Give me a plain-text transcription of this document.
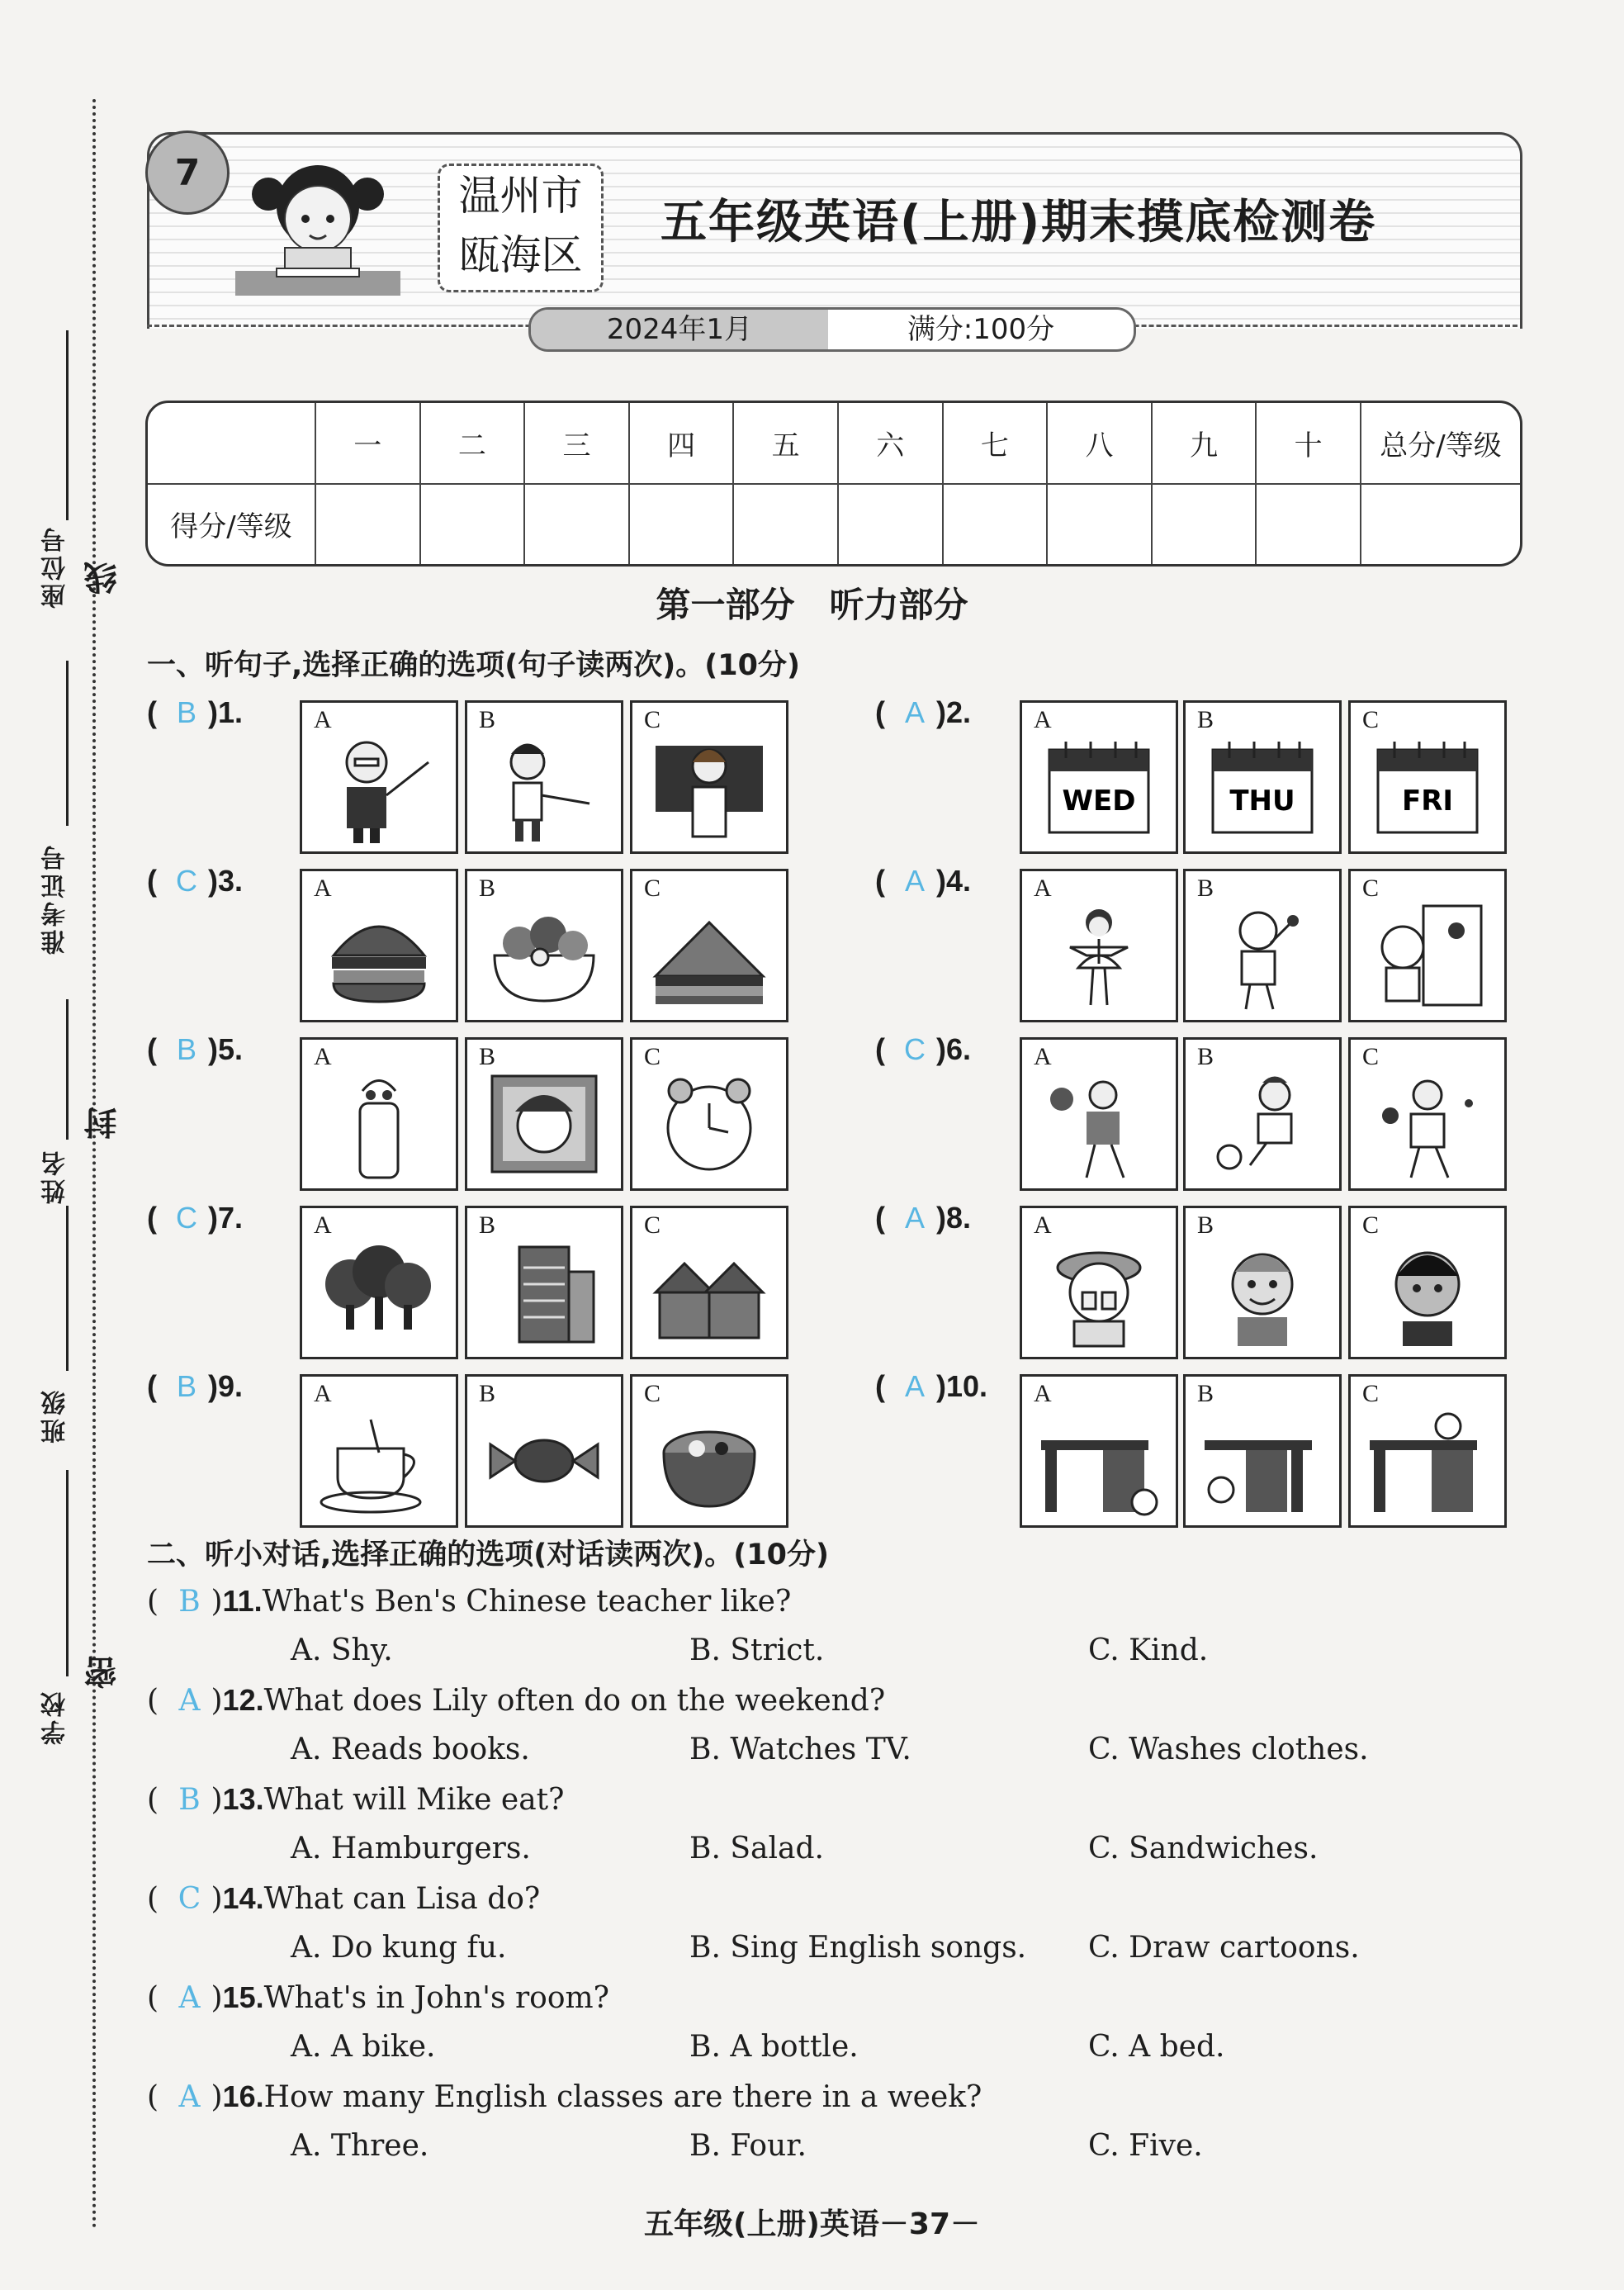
座位号 线
准考证号
封
姓名
班级
密
学校
7	温州市
瓯海区
五年级英语(上册)期末摸底检测卷
2024年1月	满分:100分
	一	二	三	四	五	六	七	八	九	十	总分/等级
得分/等级											
第一部分　听力部分
一、听句子,选择正确的选项(句子读两次)。(10分)
( B )1.	A	B	C	( A )2.	A
WED
B
THU
C
FRI
( C )3.	A	B	C	( A )4.	A	B	C
( B )5.	A	B	C	( C )6.	A	B	C
( C )7.	A	B	C	( A )8.	A	B	C
( B )9.	A	B	C	( A )10. A	B	C
二、听小对话,选择正确的选项(对话读两次)。(10分)
( B )11.What's Ben's Chinese teacher like?
A. Shy.	B. Strict.	C. Kind.
( A )12.What does Lily often do on the weekend?
A. Reads books.	B. Watches TV.	C. Washes clothes.
( B )13.What will Mike eat?
A. Hamburgers.	B. Salad.	C. Sandwiches.
( C )14.What can Lisa do?
A. Do kung fu.	B. Sing English songs. C. Draw cartoons.
( A )15.What's in John's room?
A. A bike.	B. A bottle.	C. A bed.
( A )16.How many English classes are there in a week?
A. Three.	B. Four.	C. Five.
五年级(上册)英语－37－
